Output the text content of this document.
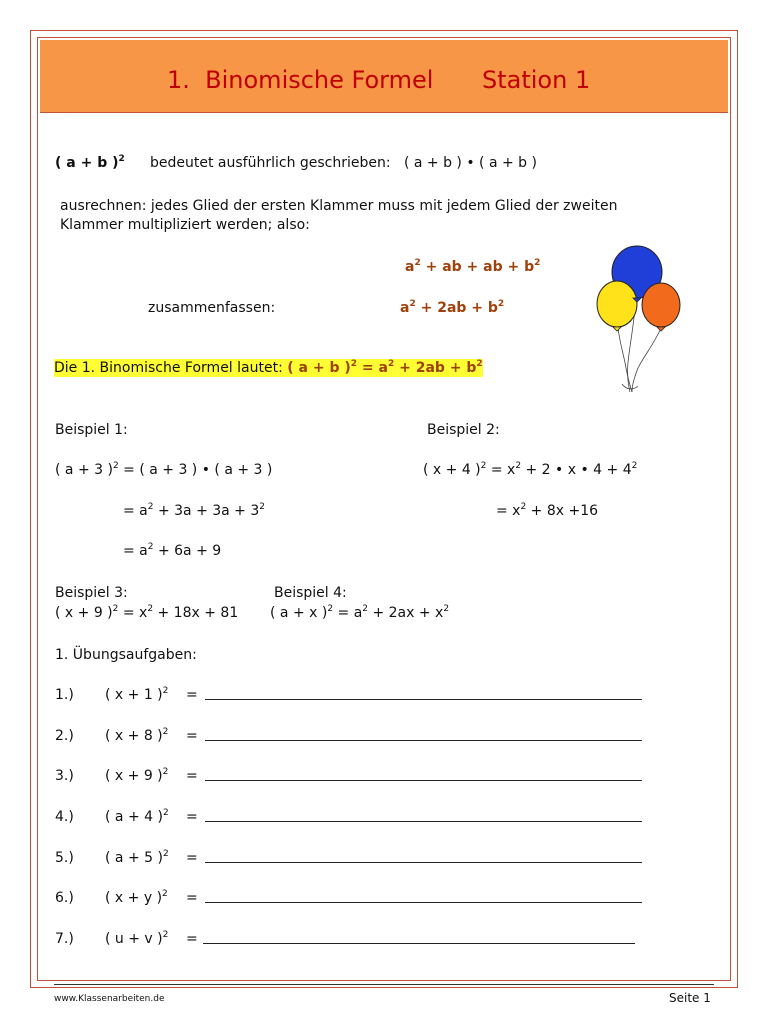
1.  Binomische Formel Station 1
( a + b )$^2$ bedeutet ausführlich geschrieben:   ( a + b ) • ( a + b )
ausrechnen: jedes Glied der ersten Klammer muss mit jedem Glied der zweiten
Klammer multipliziert werden; also:
$a^2$ + ab + ab + $b^2$
zusammenfassen:	$a^2 + 2ab + b^2$
Die 1. Binomische Formel lautet: ( a + b )$^2 = a^2 + 2ab + b^2$
Beispiel 1:	Beispiel 2:
( a + 3 )$^2$ = ( a + 3 ) • ( a + 3 )	( x + 4 )$^2 = x^2 + 2$ • x • $4 + 4^2$
= $a^2 + 3a + 3a + 3^2$	= $x^2 + 8x +16$
= $a^2 + 6a + 9$
Beispiel 3:	Beispiel 4:
( x + 9 )$^2 = x^2 + 18x + 81$ ( a + x )$^2 = a^2 + 2ax + x^2$
1. Übungsaufgaben:
1.) ( x + 1 )$^2$ =
2.) ( x + 8 )$^2$ =
3.) ( x + 9 )$^2$ =
4.) ( a + 4 )$^2$ =
5.) ( a + 5 )$^2$ =
6.) ( x + y )$^2$ =
7.) ( u + v )$^2$ =
www.Klassenarbeiten.de	Seite 1
